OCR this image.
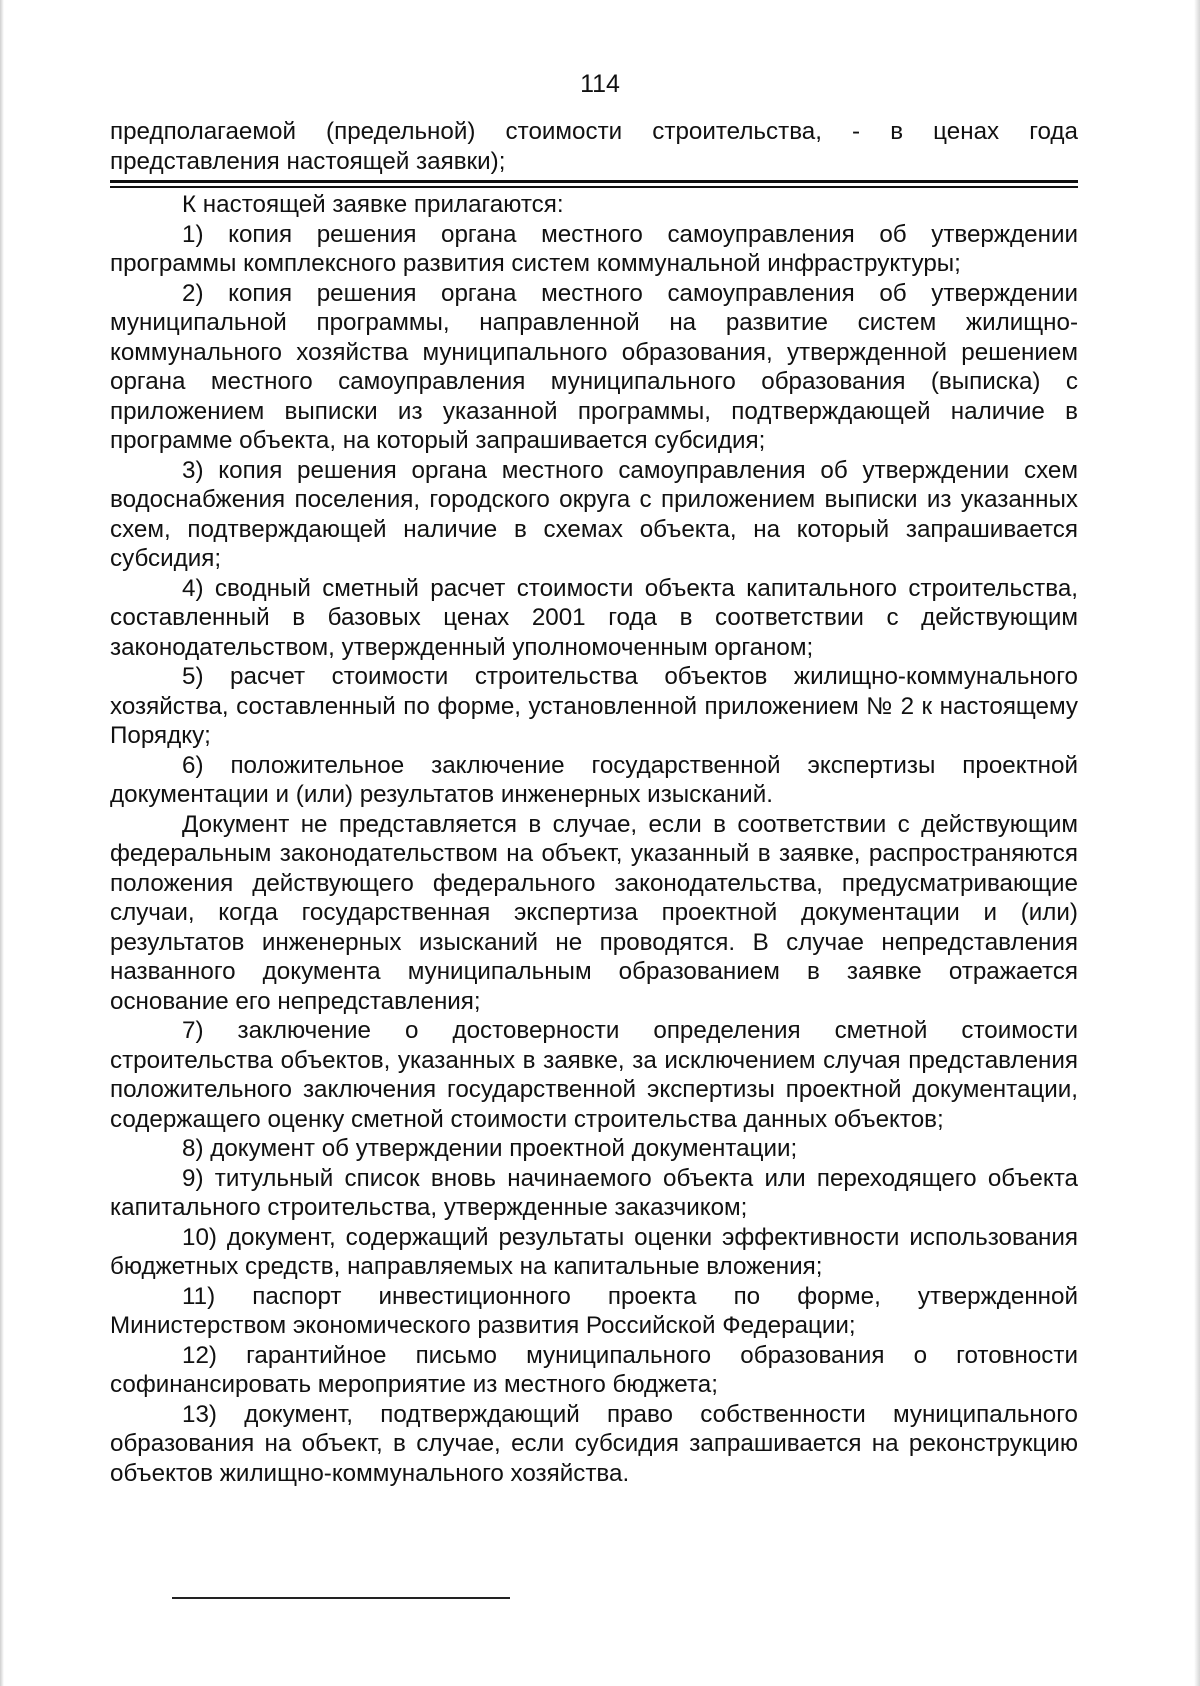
114

предполагаемой (предельной) стоимости строительства, - в ценах года представления настоящей заявки);

К настоящей заявке прилагаются:

1) копия решения органа местного самоуправления об утверждении программы комплексного развития систем коммунальной инфраструктуры;

2) копия решения органа местного самоуправления об утверждении муниципальной программы, направленной на развитие систем жилищно-коммунального хозяйства муниципального образования, утвержденной решением органа местного самоуправления муниципального образования (выписка) с приложением выписки из указанной программы, подтверждающей наличие в программе объекта, на который запрашивается субсидия;

3) копия решения органа местного самоуправления об утверждении схем водоснабжения поселения, городского округа с приложением выписки из указанных схем, подтверждающей наличие в схемах объекта, на который запрашивается субсидия;

4) сводный сметный расчет стоимости объекта капитального строительства, составленный в базовых ценах 2001 года в соответствии с действующим законодательством, утвержденный уполномоченным органом;

5) расчет стоимости строительства объектов жилищно-коммунального хозяйства, составленный по форме, установленной приложением № 2 к настоящему Порядку;

6) положительное заключение государственной экспертизы проектной документации и (или) результатов инженерных изысканий.

Документ не представляется в случае, если в соответствии с действующим федеральным законодательством на объект, указанный в заявке, распространяются положения действующего федерального законодательства, предусматривающие случаи, когда государственная экспертиза проектной документации и (или) результатов инженерных изысканий не проводятся. В случае непредставления названного документа муниципальным образованием в заявке отражается основание его непредставления;

7) заключение о достоверности определения сметной стоимости строительства объектов, указанных в заявке, за исключением случая представления положительного заключения государственной экспертизы проектной документации, содержащего оценку сметной стоимости строительства данных объектов;

8) документ об утверждении проектной документации;

9) титульный список вновь начинаемого объекта или переходящего объекта капитального строительства, утвержденные заказчиком;

10) документ, содержащий результаты оценки эффективности использования бюджетных средств, направляемых на капитальные вложения;

11) паспорт инвестиционного проекта по форме, утвержденной Министерством экономического развития Российской Федерации;

12) гарантийное письмо муниципального образования о готовности софинансировать мероприятие из местного бюджета;

13) документ, подтверждающий право собственности муниципального образования на объект, в случае, если субсидия запрашивается на реконструкцию объектов жилищно-коммунального хозяйства.
